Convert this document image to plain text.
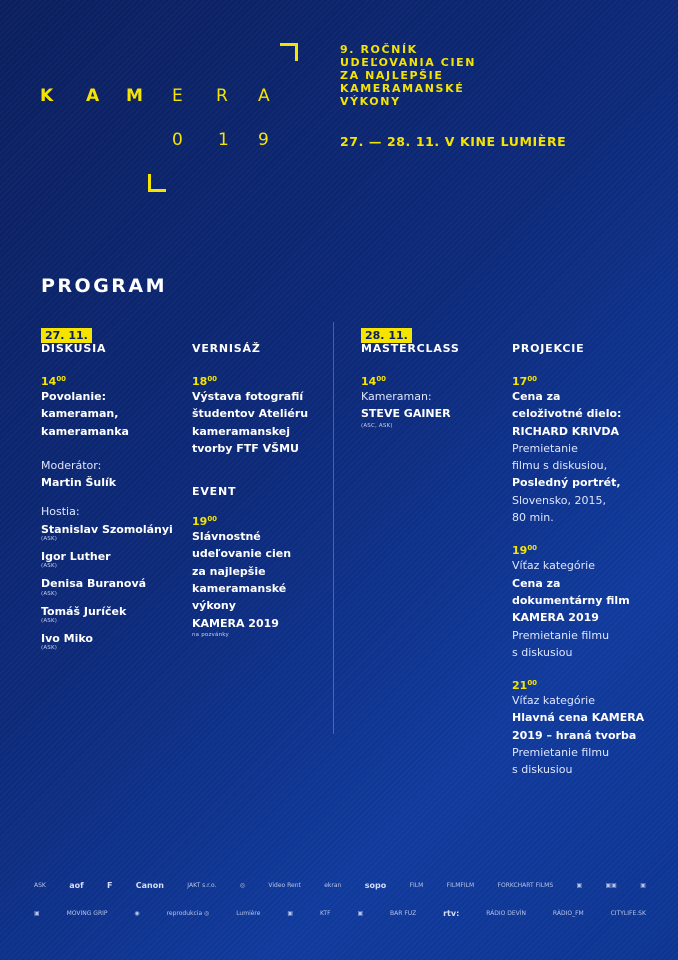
K A M E R A
0 1 9
9. ROČNÍK
UDEĽOVANIA CIEN
ZA NAJLEPŠIE
KAMERAMANSKÉ
VÝKONY
27. — 28. 11. V KINE LUMIÈRE
PROGRAM
27. 11.	28. 11.
DISKUSIA
$14^{00}$
Povolanie:
kameraman,
kameramanka
Moderátor:
Martin Šulík
Hostia:
Stanislav Szomolányi
(ASK)
Igor Luther
(ASK)
Denisa Buranová
(ASK)
Tomáš Juríček
(ASK)
Ivo Miko
(ASK)
VERNISÁŽ
$18^{00}$
Výstava fotografií
študentov Ateliéru
kameramanskej
tvorby FTF VŠMU
EVENT
$19^{00}$
Slávnostné
udeľovanie cien
za najlepšie
kameramanské
výkony
KAMERA 2019
na pozvánky
MASTERCLASS
$14^{00}$
Kameraman:
STEVE GAINER
(ASC, ASK)
PROJEKCIE
$17^{00}$
Cena za
celoživotné dielo:
RICHARD KRIVDA
Premietanie
filmu s diskusiou,
Posledný portrét,
Slovensko, 2015,
80 min.
$19^{00}$
Víťaz kategórie
Cena za
dokumentárny film
KAMERA 2019
Premietanie filmu
s diskusiou
$21^{00}$
Víťaz kategórie
Hlavná cena KAMERA
2019 – hraná tvorba
Premietanie filmu
s diskusiou
ASK	aof	F	Canon	JAKT s.r.o.	◎	Video Rent	ekran	sopo	FILM	FILMFILM	FORKCHART FILMS	▣	▣▣	▣
▣	MOVING GRIP	◉	reprodukcia ◎	Lumière	▣	KTF	▣	BAR FUZ	rtv:	RÁDIO DEVÍN	RÁDIO_FM	CITYLIFE.SK
